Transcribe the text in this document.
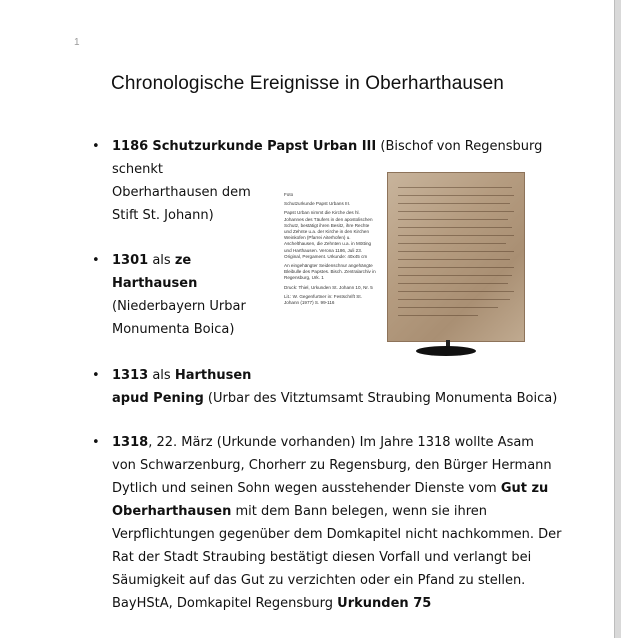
1
Chronologische Ereignisse in Oberharthausen
• 1186 Schutzurkunde Papst Urban III (Bischof von Regensburg
schenkt
Oberharthausen dem
Stift St. Johann)
• 1301 als ze
Harthausen
(Niederbayern Urbar
Monumenta Boica)
• 1313 als Harthusen
apud Pening (Urbar des Vitztumsamt Straubing Monumenta Boica)
• 1318, 22. März (Urkunde vorhanden) Im Jahre 1318 wollte Asam
von Schwarzenburg, Chorherr zu Regensburg, den Bürger Hermann
Dytlich und seinen Sohn wegen ausstehender Dienste vom Gut zu
Oberharthausen mit dem Bann belegen, wenn sie ihren
Verpflichtungen gegenüber dem Domkapitel nicht nachkommen. Der
Rat der Stadt Straubing bestätigt diesen Vorfall und verlangt bei
Säumigkeit auf das Gut zu verzichten oder ein Pfand zu stellen.
BayHStA, Domkapitel Regensburg Urkunden 75
Foto
Schutzurkunde Papst Urbans III.
Papst Urban nimmt die Kirche des hl. Johannes des Täufers in den apostolischen Schutz, bestätigt ihren Besitz, ihre Rechte und Zehnte u.a. der Kirche in den Kirchen Weinkofen (Pfarrei Aiterhofen) u. Aschelthausen, die Zehnten u.a. in Mötting und Harthausen. Verona 1186, Juli 23. Original, Pergament. Urkunde: 40x45 cm
An eingehängter Seidenschnur angehängte Bleibulle des Papstes. Bisch. Zentralarchiv in Regensburg, Urk. 1
Druck: Thiel, Urkunden St. Johann 10, Nr. 5
Lit.: W. Gegenfurtner in: Festschrift St. Johann (1977) S. 99-116
